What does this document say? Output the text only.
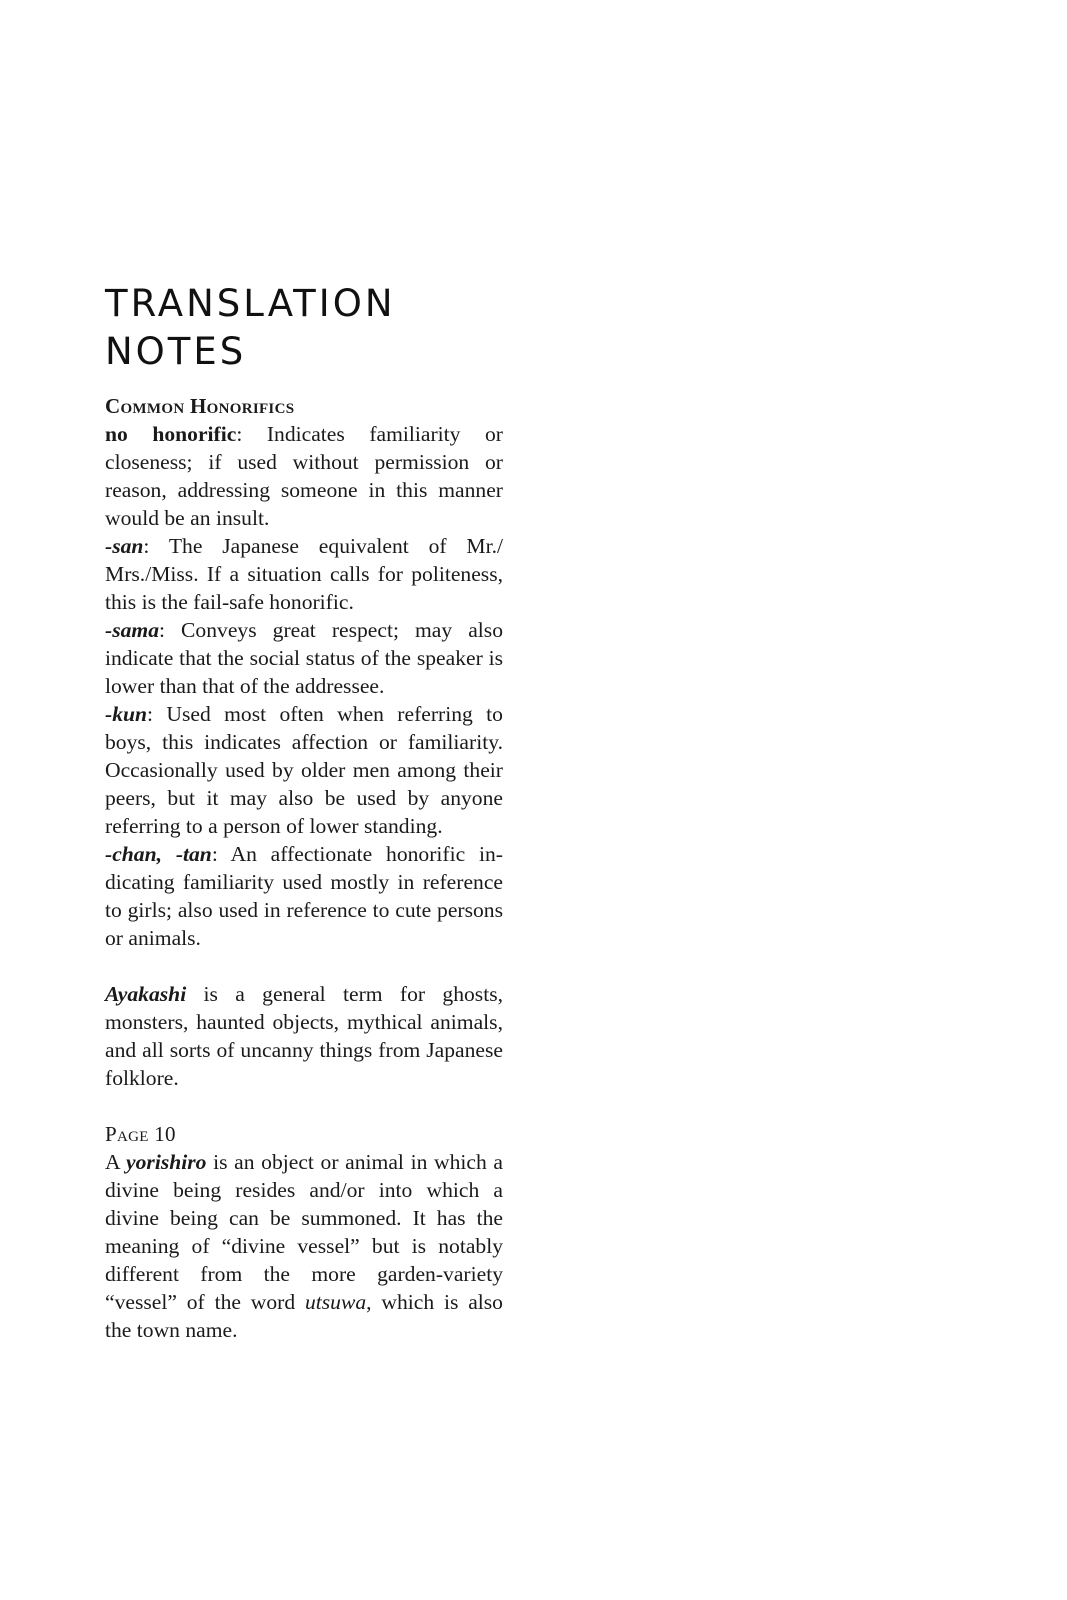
TRANSLATION
NOTES
Common Honorifics

no honorific: Indicates familiarity or closeness; if used without permission or reason, addressing someone in this manner would be an insult.

-san: The Japanese equivalent of Mr./ Mrs./Miss. If a situation calls for politeness, this is the fail-safe honorific.

-sama: Conveys great respect; may also indicate that the social status of the speaker is lower than that of the addressee.

-kun: Used most often when referring to boys, this indicates affection or familiarity. Occasionally used by older men among their peers, but it may also be used by anyone referring to a person of lower standing.

-chan, -tan: An affectionate honorific indicating familiarity used mostly in reference to girls; also used in reference to cute persons or animals.

Ayakashi is a general term for ghosts, monsters, haunted objects, mythical animals, and all sorts of uncanny things from Japanese folklore.

Page 10

A yorishiro is an object or animal in which a divine being resides and/or into which a divine being can be summoned. It has the meaning of “divine vessel” but is notably different from the more garden-variety “vessel” of the word utsuwa, which is also the town name.
